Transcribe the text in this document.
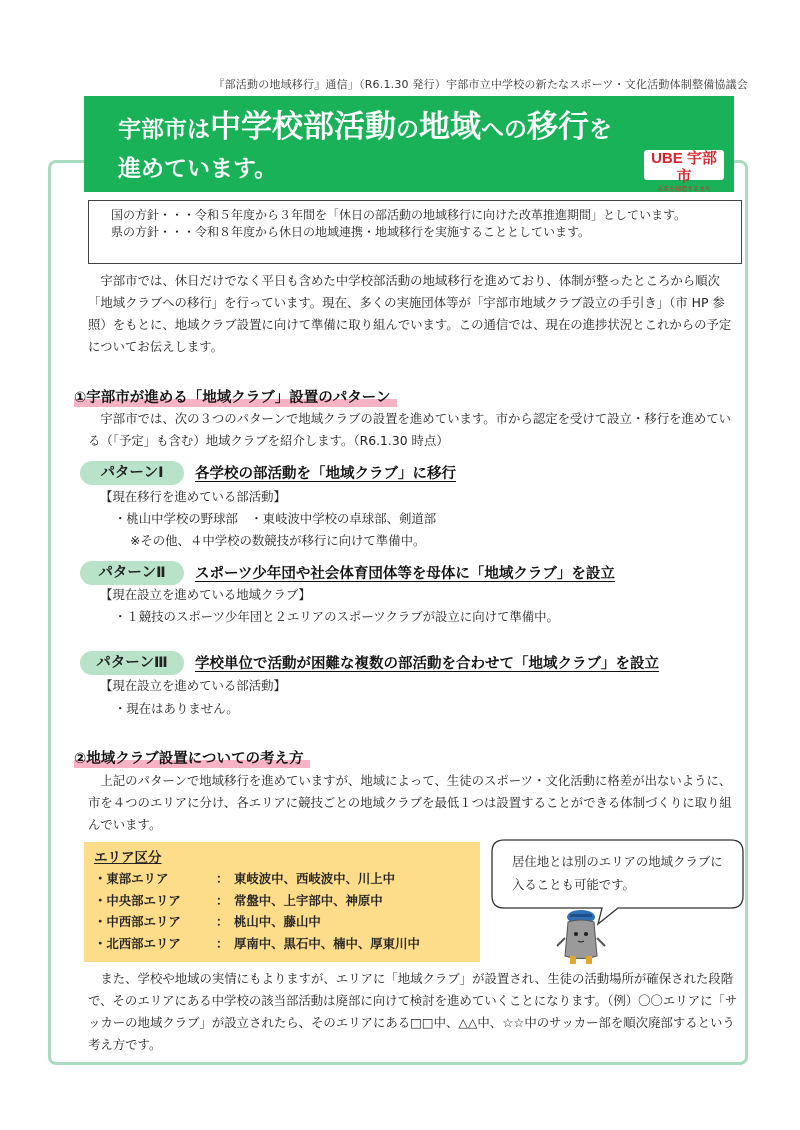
『部活動の地域移行』通信」（R6.1.30 発行）宇部市立中学校の新たなスポーツ・文化活動体制整備協議会
宇部市は中学校部活動の地域への移行を
進めています。	UBE 宇部市
未来を創造するまち
国の方針・・・ 令和５年度から３年間を「休日の部活動の地域移行に向けた改革推進期間」としています。
県の方針・・・ 令和８年度から休日の地域連携・地域移行を実施することとしています。
宇部市では、休日だけでなく平日も含めた中学校部活動の地域移行を進めており、体制が整ったところから順次「地域クラブへの移行」を行っています。現在、多くの実施団体等が「宇部市地域クラブ設立の手引き」（市 HP 参照）をもとに、地域クラブ設置に向けて準備に取り組んでいます。この通信では、現在の進捗状況とこれからの予定についてお伝えします。
①宇部市が進める「地域クラブ」設置のパターン
宇部市では、次の３つのパターンで地域クラブの設置を進めています。市から認定を受けて設立・移行を進めている（「予定」も含む）地域クラブを紹介します。（R6.1.30 時点）
パターンⅠ	各学校の部活動を「地域クラブ」に移行
【現在移行を進めている部活動】
・桃山中学校の野球部　・東岐波中学校の卓球部、剣道部
※その他、４中学校の数競技が移行に向けて準備中。
パターンⅡ	スポーツ少年団や社会体育団体等を母体に「地域クラブ」を設立
【現在設立を進めている地域クラブ】
・１競技のスポーツ少年団と２エリアのスポーツクラブが設立に向けて準備中。
パターンⅢ	学校単位で活動が困難な複数の部活動を合わせて「地域クラブ」を設立
【現在設立を進めている部活動】
・現在はありません。
②地域クラブ設置についての考え方
上記のパターンで地域移行を進めていますが、地域によって、生徒のスポーツ・文化活動に格差が出ないように、市を４つのエリアに分け、各エリアに競技ごとの地域クラブを最低１つは設置することができる体制づくりに取り組んでいます。
エリア区分
・東部エリア	： 東岐波中、西岐波中、川上中
・中央部エリア	： 常盤中、上宇部中、神原中
・中西部エリア	： 桃山中、藤山中
・北西部エリア	： 厚南中、黒石中、楠中、厚東川中
居住地とは別のエリアの地域クラブに入ることも可能です。
また、学校や地域の実情にもよりますが、エリアに「地域クラブ」が設置され、生徒の活動場所が確保された段階で、そのエリアにある中学校の該当部活動は廃部に向けて検討を進めていくことになります。（例）〇〇エリアに「サッカーの地域クラブ」が設立されたら、そのエリアにある□□中、△△中、☆☆中のサッカー部を順次廃部するという考え方です。
